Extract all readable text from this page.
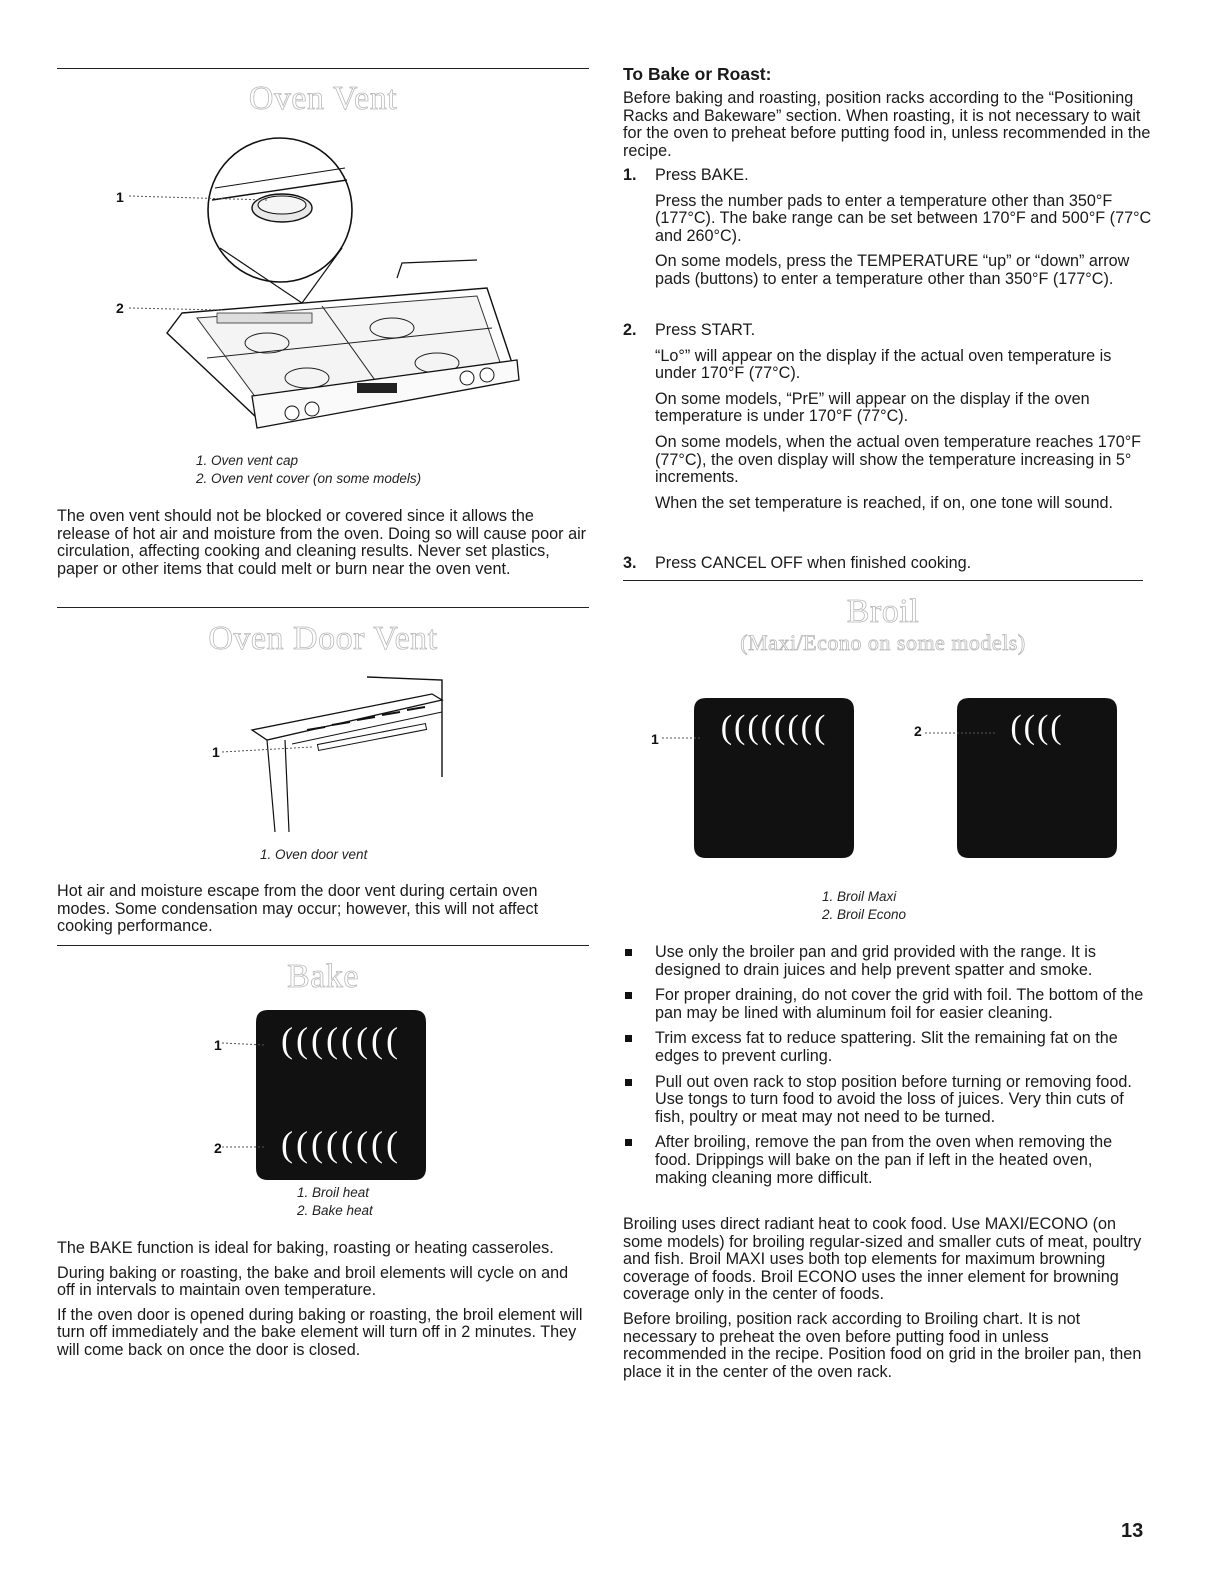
Oven Vent
1
2
1. Oven vent cap
2. Oven vent cover (on some models)

The oven vent should not be blocked or covered since it allows the release of hot air and moisture from the oven. Doing so will cause poor air circulation, affecting cooking and cleaning results. Never set plastics, paper or other items that could melt or burn near the oven vent.

Oven Door Vent
1
1. Oven door vent

Hot air and moisture escape from the door vent during certain oven modes. Some condensation may occur; however, this will not affect cooking performance.

Bake
((((((((
((((((((
1
2
1. Broil heat
2. Bake heat

The BAKE function is ideal for baking, roasting or heating casseroles.

During baking or roasting, the bake and broil elements will cycle on and off in intervals to maintain oven temperature.

If the oven door is opened during baking or roasting, the broil element will turn off immediately and the bake element will turn off in 2 minutes. They will come back on once the door is closed.

To Bake or Roast:

Before baking and roasting, position racks according to the “Positioning Racks and Bakeware” section. When roasting, it is not necessary to wait for the oven to preheat before putting food in, unless recommended in the recipe.

1. Press BAKE.

Press the number pads to enter a temperature other than 350°F (177°C). The bake range can be set between 170°F and 500°F (77°C and 260°C).

On some models, press the TEMPERATURE “up” or “down” arrow pads (buttons) to enter a temperature other than 350°F (177°C).

2. Press START.

“Lo°” will appear on the display if the actual oven temperature is under 170°F (77°C).

On some models, “PrE” will appear on the display if the oven temperature is under 170°F (77°C).

On some models, when the actual oven temperature reaches 170°F (77°C), the oven display will show the temperature increasing in 5° increments.

When the set temperature is reached, if on, one tone will sound.

3. Press CANCEL OFF when finished cooking.

Broil
(Maxi/Econo on some models)
((((((((	((((
1	2
1. Broil Maxi
2. Broil Econo
Use only the broiler pan and grid provided with the range. It is designed to drain juices and help prevent spatter and smoke.
For proper draining, do not cover the grid with foil. The bottom of the pan may be lined with aluminum foil for easier cleaning.
Trim excess fat to reduce spattering. Slit the remaining fat on the edges to prevent curling.
Pull out oven rack to stop position before turning or removing food. Use tongs to turn food to avoid the loss of juices. Very thin cuts of fish, poultry or meat may not need to be turned.
After broiling, remove the pan from the oven when removing the food. Drippings will bake on the pan if left in the heated oven, making cleaning more difficult.

Broiling uses direct radiant heat to cook food. Use MAXI/ECONO (on some models) for broiling regular-sized and smaller cuts of meat, poultry and fish. Broil MAXI uses both top elements for maximum browning coverage of foods. Broil ECONO uses the inner element for browning coverage only in the center of foods.

Before broiling, position rack according to Broiling chart. It is not necessary to preheat the oven before putting food in unless recommended in the recipe. Position food on grid in the broiler pan, then place it in the center of the oven rack.

13
